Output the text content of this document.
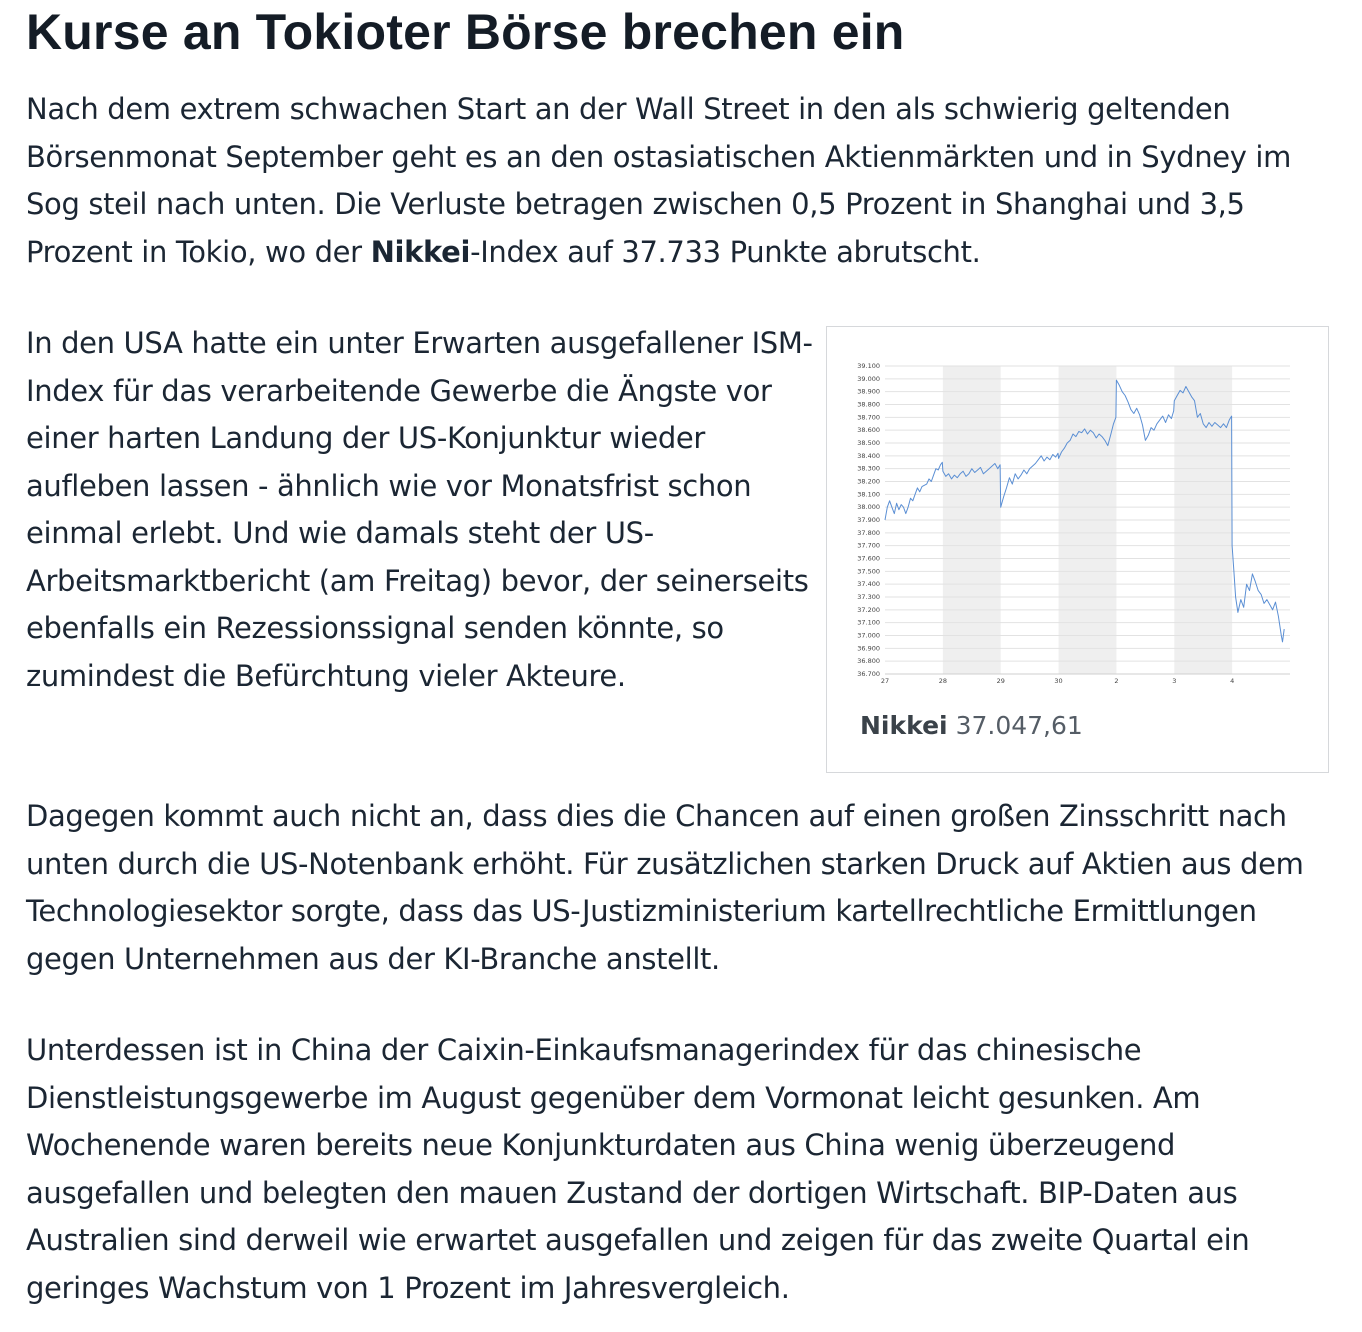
Kurse an Tokioter Börse brechen ein

Nach dem extrem schwachen Start an der Wall Street in den als schwierig geltenden Börsenmonat September geht es an den ostasiatischen Aktienmärkten und in Sydney im Sog steil nach unten. Die Verluste betragen zwischen 0,5 Prozent in Shanghai und 3,5 Prozent in Tokio, wo der Nikkei-Index auf 37.733 Punkte abrutscht.

In den USA hatte ein unter Erwarten ausgefallener ISM-Index für das verarbeitende Gewerbe die Ängste vor einer harten Landung der US-Konjunktur wieder aufleben lassen - ähnlich wie vor Monatsfrist schon einmal erlebt. Und wie damals steht der US-Arbeitsmarktbericht (am Freitag) bevor, der seinerseits ebenfalls ein Rezessionssignal senden könnte, so zumindest die Befürchtung vieler Akteure.

Dagegen kommt auch nicht an, dass dies die Chancen auf einen großen Zinsschritt nach unten durch die US-Notenbank erhöht. Für zusätzlichen starken Druck auf Aktien aus dem Technologiesektor sorgte, dass das US-Justizministerium kartellrechtliche Ermittlungen gegen Unternehmen aus der KI-Branche anstellt.

Unterdessen ist in China der Caixin-Einkaufsmanagerindex für das chinesische Dienstleistungsgewerbe im August gegenüber dem Vormonat leicht gesunken. Am Wochenende waren bereits neue Konjunkturdaten aus China wenig überzeugend ausgefallen und belegten den mauen Zustand der dortigen Wirtschaft. BIP-Daten aus Australien sind derweil wie erwartet ausgefallen und zeigen für das zweite Quartal ein geringes Wachstum von 1 Prozent im Jahresvergleich.

36.700
36.800
36.900
37.000
37.100
37.200
37.300
37.400
37.500
37.600
37.700
37.800
37.900
38.000
38.100
38.200
38.300
38.400
38.500
38.600
38.700
38.800
38.900
39.000
39.100
27	28	29	30	2	3	4
Nikkei 37.047,61
